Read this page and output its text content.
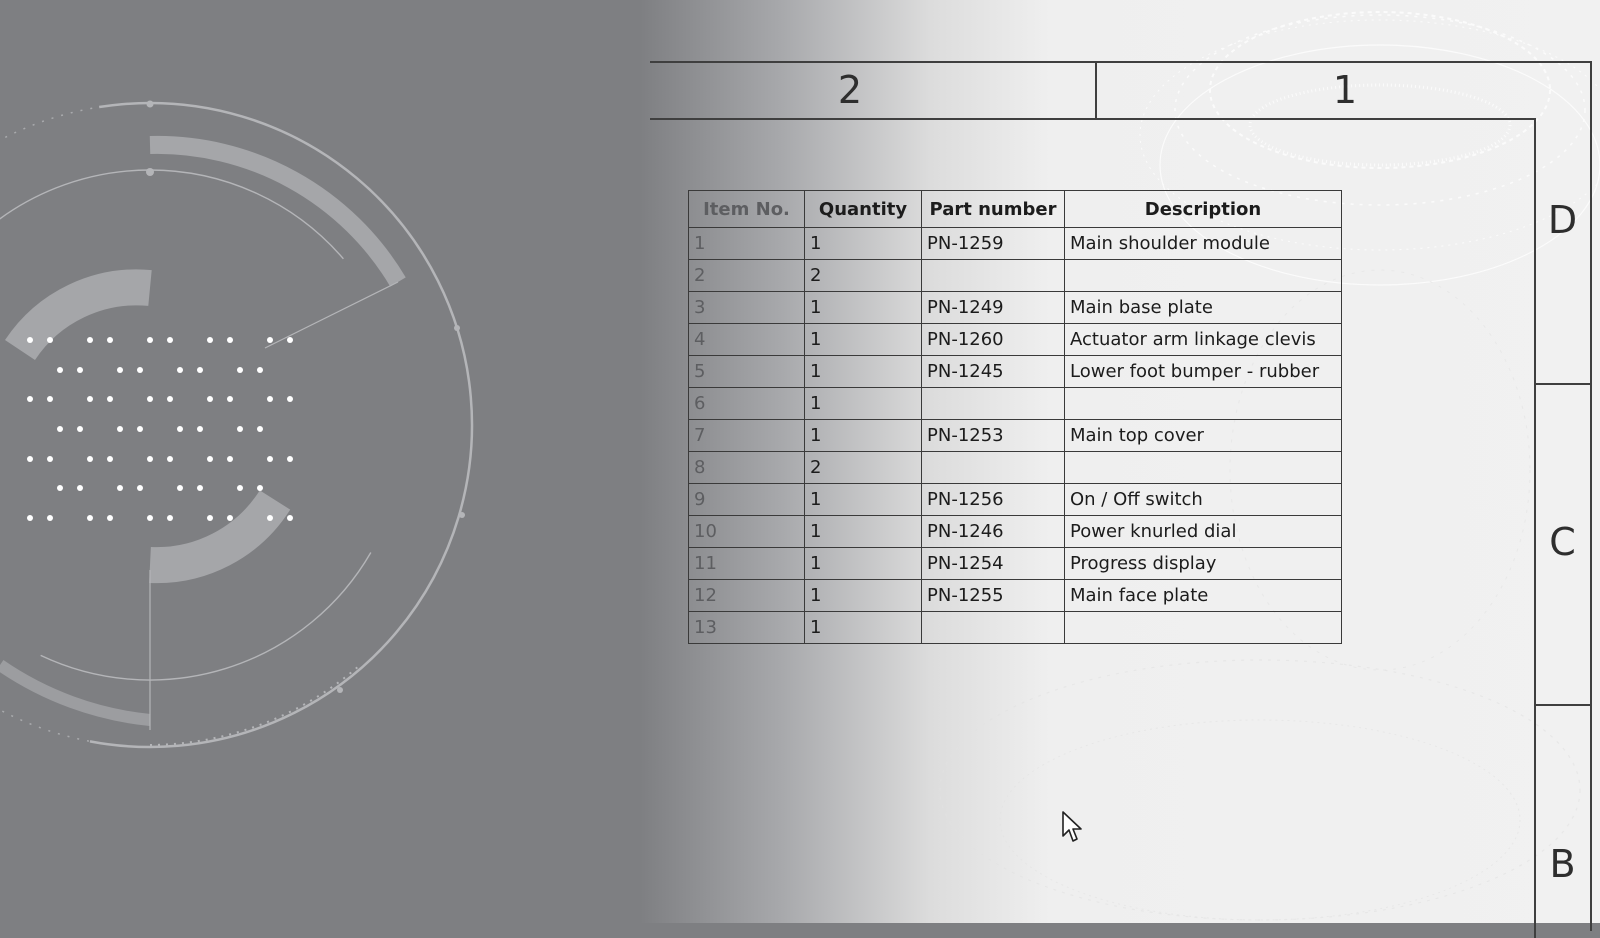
2	1
D
C
B
Item No.	Quantity	Part number	Description
1	1	PN-1259	Main shoulder module
2	2		
3	1	PN-1249	Main base plate
4	1	PN-1260	Actuator arm linkage clevis
5	1	PN-1245	Lower foot bumper - rubber
6	1		
7	1	PN-1253	Main top cover
8	2		
9	1	PN-1256	On / Off switch
10	1	PN-1246	Power knurled dial
11	1	PN-1254	Progress display
12	1	PN-1255	Main face plate
13	1		
